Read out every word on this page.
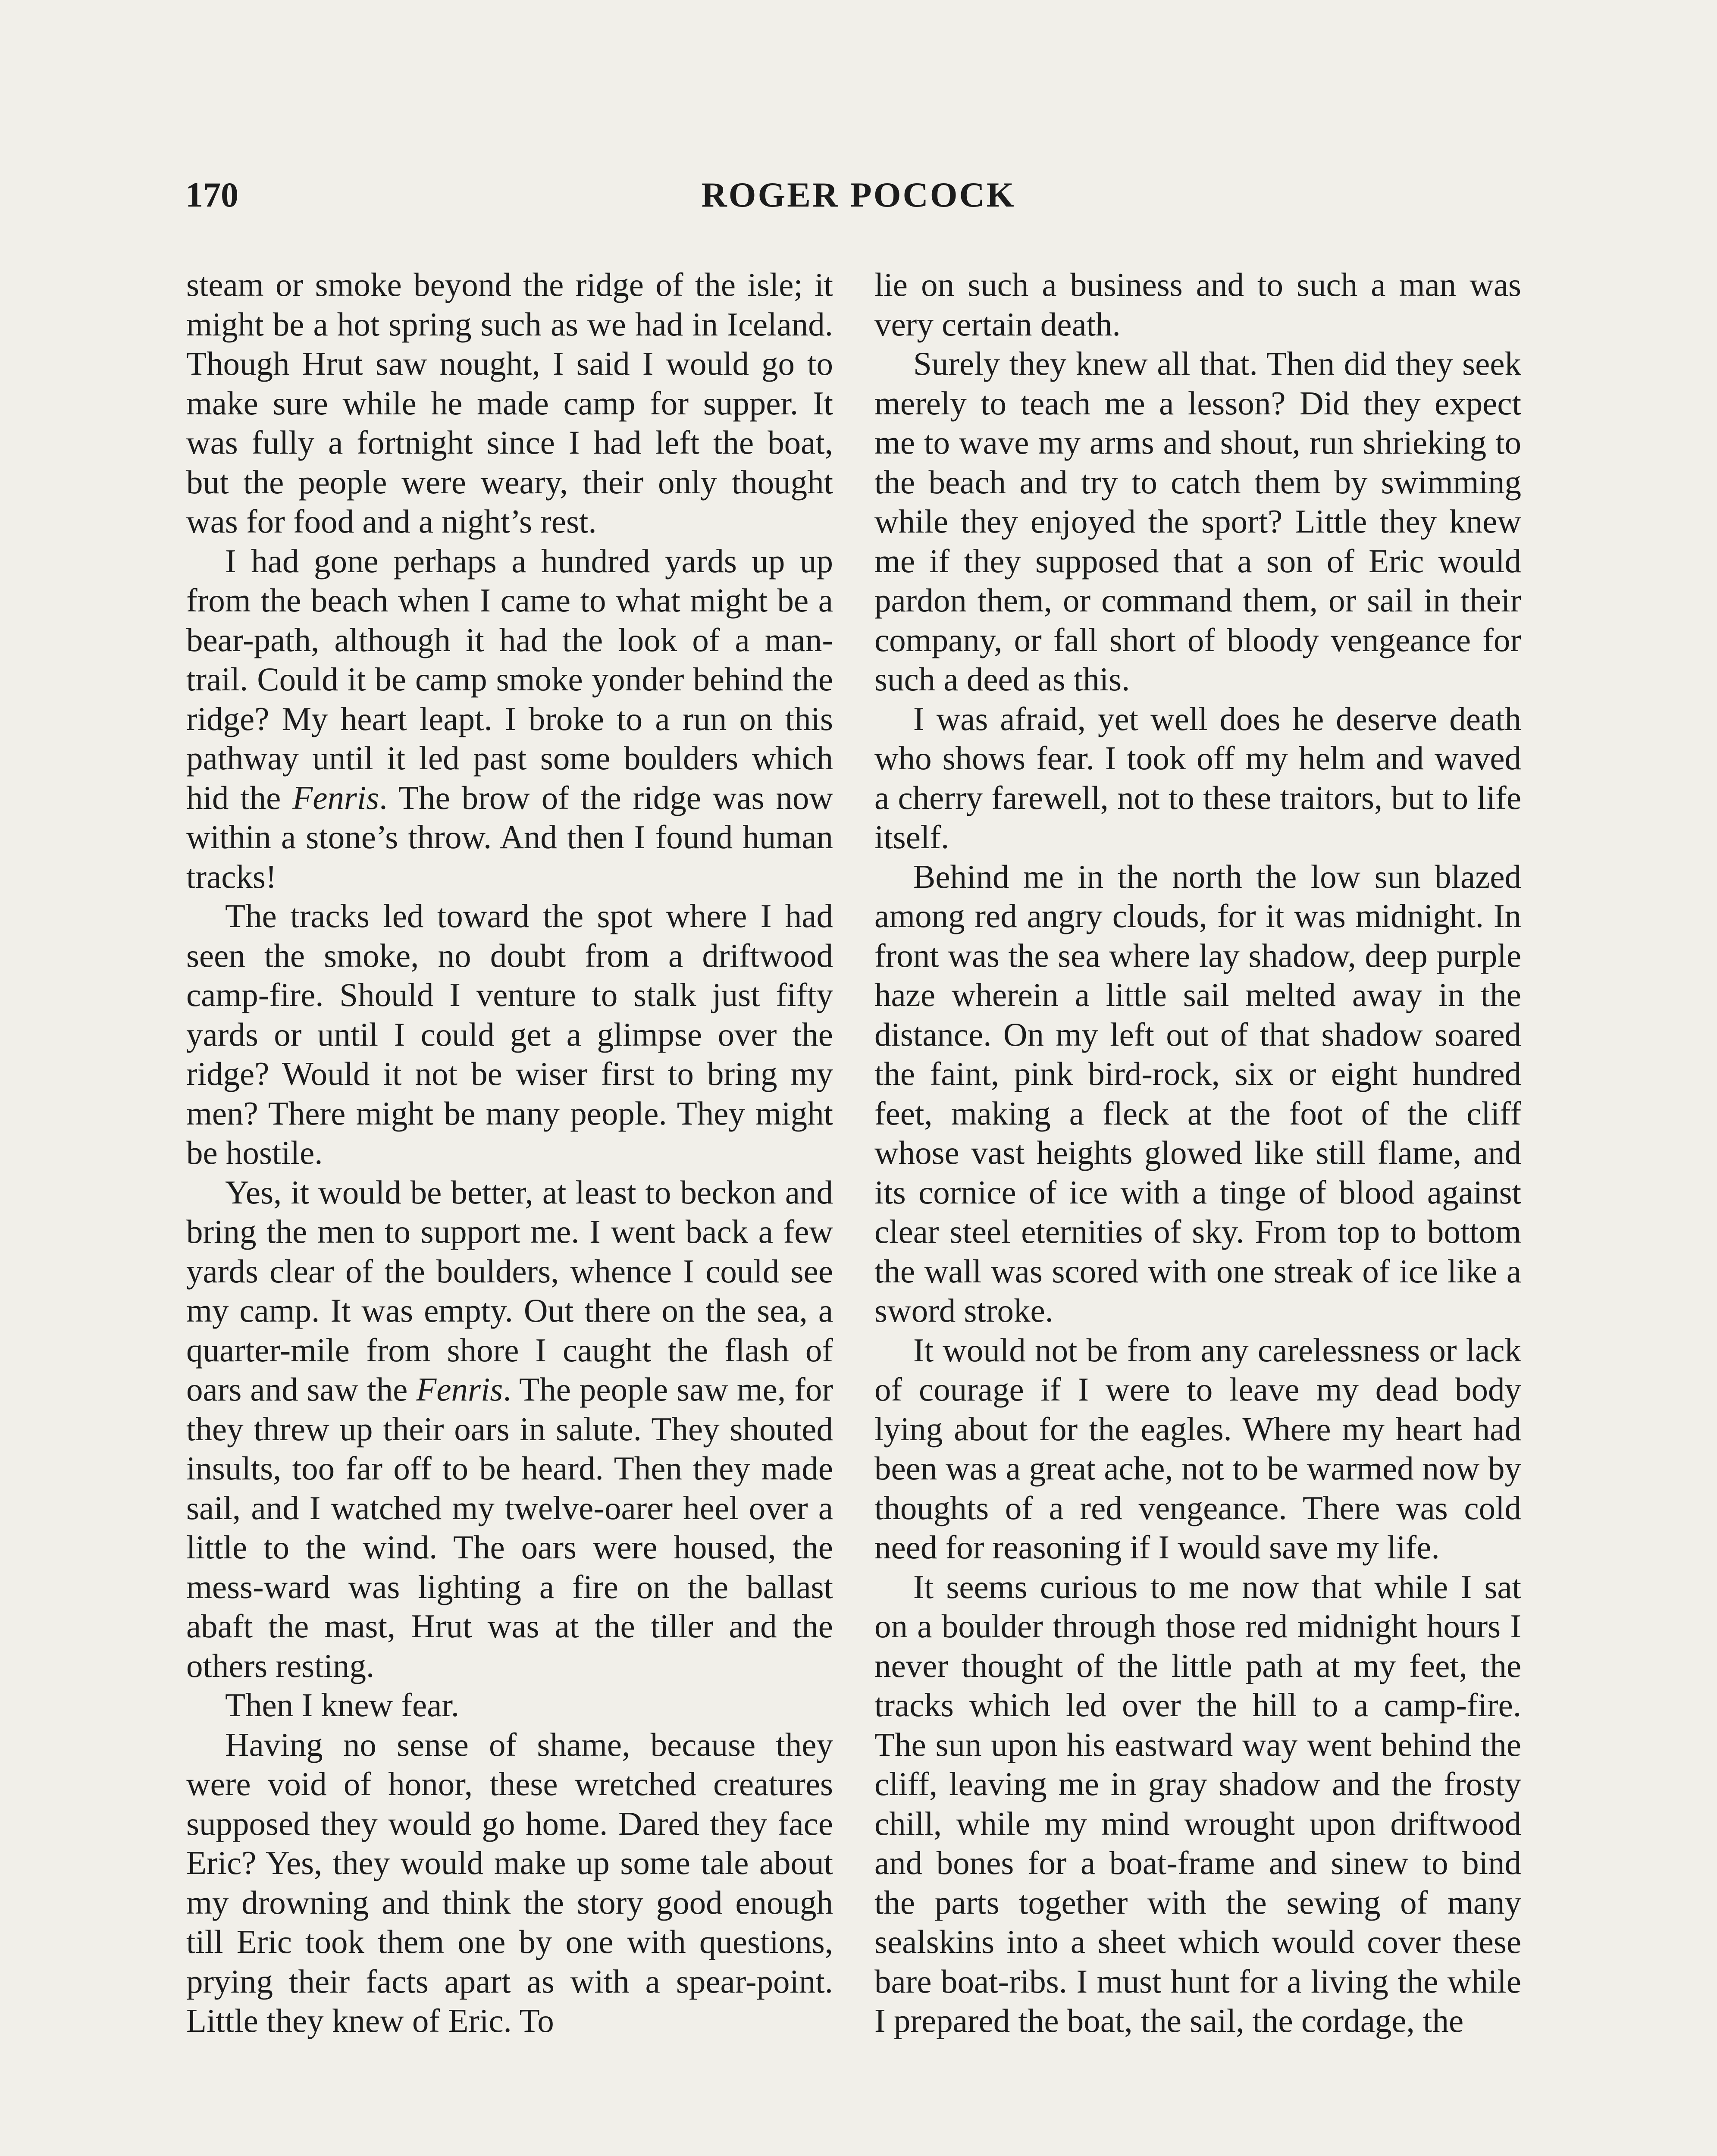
170	ROGER POCOCK

steam or smoke beyond the ridge of the isle; it might be a hot spring such as we had in Iceland. Though Hrut saw nought, I said I would go to make sure while he made camp for supper. It was fully a fortnight since I had left the boat, but the people were weary, their only thought was for food and a night’s rest.

I had gone perhaps a hundred yards up up from the beach when I came to what might be a bear-path, although it had the look of a man-trail. Could it be camp smoke yonder behind the ridge? My heart leapt. I broke to a run on this pathway until it led past some boulders which hid the Fenris. The brow of the ridge was now within a stone’s throw. And then I found human tracks!

The tracks led toward the spot where I had seen the smoke, no doubt from a driftwood camp-fire. Should I venture to stalk just fifty yards or until I could get a glimpse over the ridge? Would it not be wiser first to bring my men? There might be many people. They might be hostile.

Yes, it would be better, at least to beckon and bring the men to support me. I went back a few yards clear of the boulders, whence I could see my camp. It was empty. Out there on the sea, a quarter-mile from shore I caught the flash of oars and saw the Fenris. The people saw me, for they threw up their oars in salute. They shouted insults, too far off to be heard. Then they made sail, and I watched my twelve-oarer heel over a little to the wind. The oars were housed, the mess-ward was lighting a fire on the ballast abaft the mast, Hrut was at the tiller and the others resting.

Then I knew fear.

Having no sense of shame, because they were void of honor, these wretched creatures supposed they would go home. Dared they face Eric? Yes, they would make up some tale about my drowning and think the story good enough till Eric took them one by one with questions, prying their facts apart as with a spear-point. Little they knew of Eric. To

lie on such a business and to such a man was very certain death.

Surely they knew all that. Then did they seek merely to teach me a lesson? Did they expect me to wave my arms and shout, run shrieking to the beach and try to catch them by swimming while they enjoyed the sport? Little they knew me if they supposed that a son of Eric would pardon them, or command them, or sail in their company, or fall short of bloody vengeance for such a deed as this.

I was afraid, yet well does he deserve death who shows fear. I took off my helm and waved a cherry farewell, not to these traitors, but to life itself.

Behind me in the north the low sun blazed among red angry clouds, for it was midnight. In front was the sea where lay shadow, deep purple haze wherein a little sail melted away in the distance. On my left out of that shadow soared the faint, pink bird-rock, six or eight hundred feet, making a fleck at the foot of the cliff whose vast heights glowed like still flame, and its cornice of ice with a tinge of blood against clear steel eternities of sky. From top to bottom the wall was scored with one streak of ice like a sword stroke.

It would not be from any carelessness or lack of courage if I were to leave my dead body lying about for the eagles. Where my heart had been was a great ache, not to be warmed now by thoughts of a red vengeance. There was cold need for reasoning if I would save my life.

It seems curious to me now that while I sat on a boulder through those red midnight hours I never thought of the little path at my feet, the tracks which led over the hill to a camp-fire. The sun upon his eastward way went behind the cliff, leaving me in gray shadow and the frosty chill, while my mind wrought upon driftwood and bones for a boat-frame and sinew to bind the parts together with the sewing of many sealskins into a sheet which would cover these bare boat-ribs. I must hunt for a living the while I prepared the boat, the sail, the cordage, the
